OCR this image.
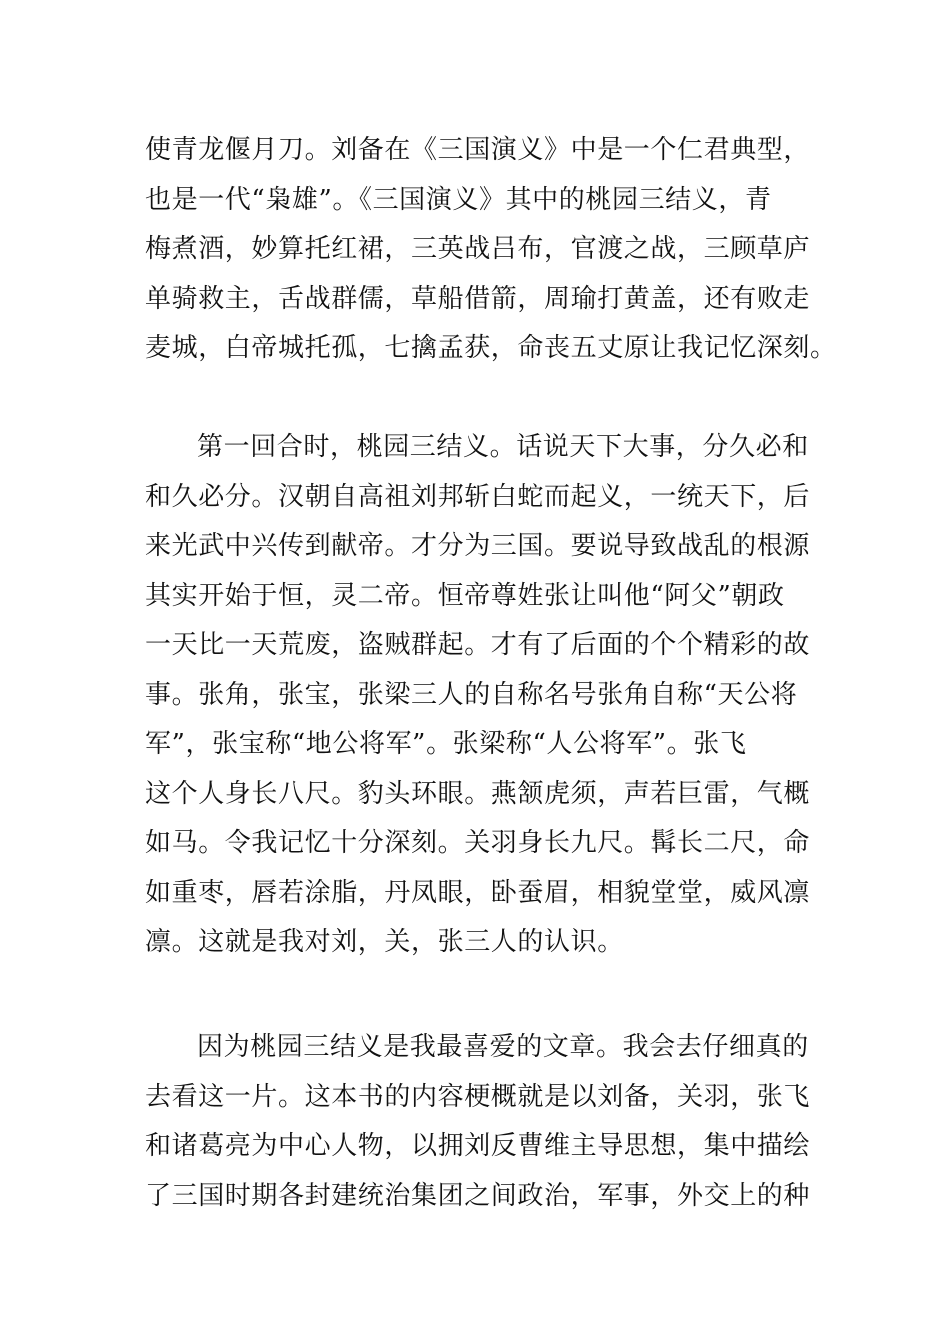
使青龙偃月刀。刘备在《三国演义》中是一个仁君典型，
也是一代“枭雄”。《三国演义》其中的桃园三结义，青
梅煮酒，妙算托红裙，三英战吕布，官渡之战，三顾草庐
单骑救主，舌战群儒，草船借箭，周瑜打黄盖，还有败走
麦城，白帝城托孤，七擒孟获，命丧五丈原让我记忆深刻。
第一回合时，桃园三结义。话说天下大事，分久必和
和久必分。汉朝自高祖刘邦斩白蛇而起义，一统天下，后
来光武中兴传到献帝。才分为三国。要说导致战乱的根源
其实开始于恒，灵二帝。恒帝尊姓张让叫他“阿父”朝政
一天比一天荒废，盗贼群起。才有了后面的个个精彩的故
事。张角，张宝，张梁三人的自称名号张角自称“天公将
军”，张宝称“地公将军”。张梁称“人公将军”。张飞
这个人身长八尺。豹头环眼。燕颔虎须，声若巨雷，气概
如马。令我记忆十分深刻。关羽身长九尺。髯长二尺，命
如重枣，唇若涂脂，丹凤眼，卧蚕眉，相貌堂堂，威风凛
凛。这就是我对刘，关，张三人的认识。
因为桃园三结义是我最喜爱的文章。我会去仔细真的
去看这一片。这本书的内容梗概就是以刘备，关羽，张飞
和诸葛亮为中心人物，以拥刘反曹维主导思想，集中描绘
了三国时期各封建统治集团之间政治，军事，外交上的种
